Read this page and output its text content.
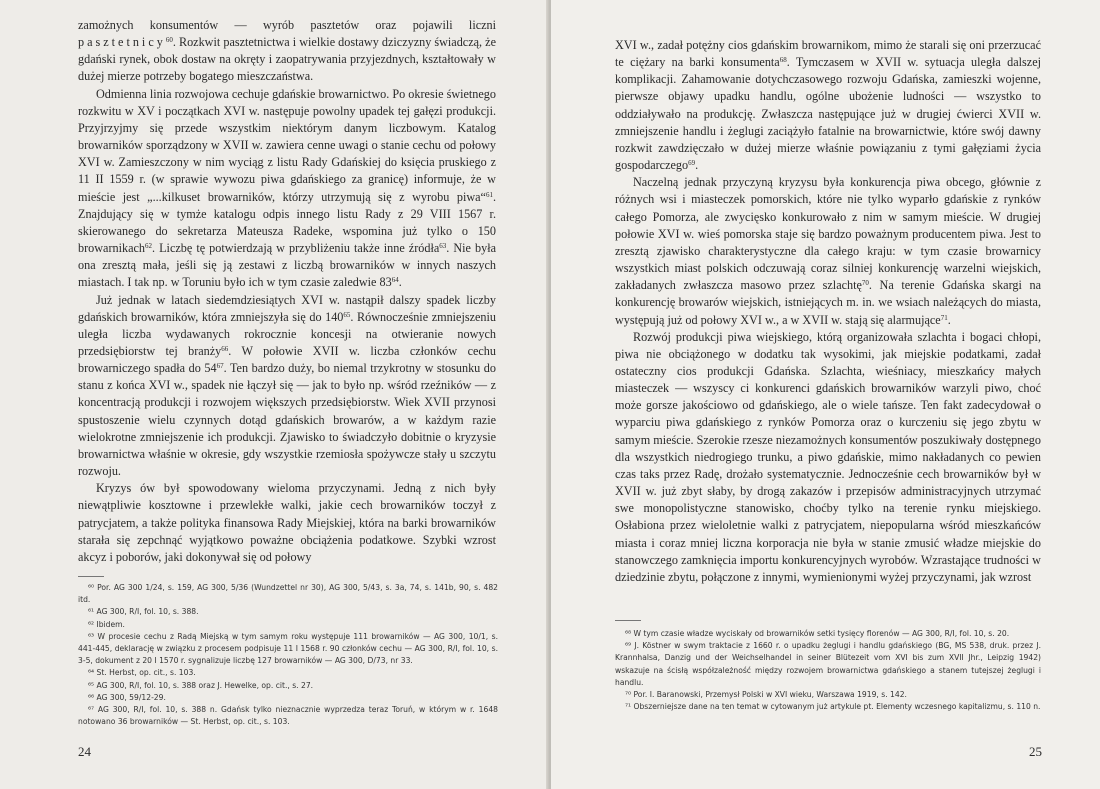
zamożnych konsumentów — wyrób pasztetów oraz pojawili liczni pasztetnicy$^{60}$. Rozkwit pasztetnictwa i wielkie dostawy dziczyzny świadczą, że gdański rynek, obok dostaw na okręty i zaopatrywania przyjezdnych, kształtowały w dużej mierze potrzeby bogatego mieszczaństwa.

Odmienna linia rozwojowa cechuje gdańskie browarnictwo. Po okresie świetnego rozkwitu w XV i początkach XVI w. następuje powolny upadek tej gałęzi produkcji. Przyjrzyjmy się przede wszystkim niektórym danym liczbowym. Katalog browarników sporządzony w XVII w. zawiera cenne uwagi o stanie cechu od połowy XVI w. Zamieszczony w nim wyciąg z listu Rady Gdańskiej do księcia pruskiego z 11 II 1559 r. (w sprawie wywozu piwa gdańskiego za granicę) informuje, że w mieście jest „...kilkuset browarników, którzy utrzymują się z wyrobu piwa“$^{61}$. Znajdujący się w tymże katalogu odpis innego listu Rady z 29 VIII 1567 r. skierowanego do sekretarza Mateusza Radeke, wspomina już tylko o 150 browarnikach$^{62}$. Liczbę tę potwierdzają w przybliżeniu także inne źródła$^{63}$. Nie była ona zresztą mała, jeśli się ją zestawi z liczbą browarników w innych naszych miastach. I tak np. w Toruniu było ich w tym czasie zaledwie $83^{64}$.

Już jednak w latach siedemdziesiątych XVI w. nastąpił dalszy spadek liczby gdańskich browarników, która zmniejszyła się do $140^{65}$. Równocześnie zmniejszeniu uległa liczba wydawanych rokrocznie koncesji na otwieranie nowych przedsiębiorstw tej branży$^{66}$. W połowie XVII w. liczba członków cechu browarniczego spadła do $54^{67}$. Ten bardzo duży, bo niemal trzykrotny w stosunku do stanu z końca XVI w., spadek nie łączył się — jak to było np. wśród rzeźników — z koncentracją produkcji i rozwojem większych przedsiębiorstw. Wiek XVII przynosi spustoszenie wielu czynnych dotąd gdańskich browarów, a w każdym razie wielokrotne zmniejszenie ich produkcji. Zjawisko to świadczyło dobitnie o kryzysie browarnictwa właśnie w okresie, gdy wszystkie rzemiosła spożywcze stały u szczytu rozwoju.

Kryzys ów był spowodowany wieloma przyczynami. Jedną z nich były niewątpliwie kosztowne i przewlekłe walki, jakie cech browarników toczył z patrycjatem, a także polityka finansowa Rady Miejskiej, która na barki browarników starała się zepchnąć wyjątkowo poważne obciążenia podatkowe. Szybki wzrost akcyz i poborów, jaki dokonywał się od połowy

⁶⁰ Por. AG 300 1/24, s. 159, AG 300, 5/36 (Wundzettel nr 30), AG 300, 5/43, s. 3a, 74, s. 141b, 90, s. 482 itd.
⁶¹ AG 300, R/I, fol. 10, s. 388.
⁶² Ibidem.
⁶³ W procesie cechu z Radą Miejską w tym samym roku występuje 111 browarników — AG 300, 10/1, s. 441-445, deklarację w związku z procesem podpisuje 11 I 1568 r. 90 członków cechu — AG 300, R/I, fol. 10, s. 3-5, dokument z 20 I 1570 r. sygnalizuje liczbę 127 browarników — AG 300, D/73, nr 33.
⁶⁴ St. Herbst, op. cit., s. 103.
⁶⁵ AG 300, R/I, fol. 10, s. 388 oraz J. Hewelke, op. cit., s. 27.
⁶⁶ AG 300, 59/12-29.
⁶⁷ AG 300, R/I, fol. 10, s. 388 n. Gdańsk tylko nieznacznie wyprzedza teraz Toruń, w którym w r. 1648 notowano 36 browarników — St. Herbst, op. cit., s. 103.
24

XVI w., zadał potężny cios gdańskim browarnikom, mimo że starali się oni przerzucać te ciężary na barki konsumenta$^{68}$. Tymczasem w XVII w. sytuacja uległa dalszej komplikacji. Zahamowanie dotychczasowego rozwoju Gdańska, zamieszki wojenne, pierwsze objawy upadku handlu, ogólne ubożenie ludności — wszystko to oddziaływało na produkcję. Zwłaszcza następujące już w drugiej ćwierci XVII w. zmniejszenie handlu i żeglugi zaciążyło fatalnie na browarnictwie, które swój dawny rozkwit zawdzięczało w dużej mierze właśnie powiązaniu z tymi gałęziami życia gospodarczego$^{69}$.

Naczelną jednak przyczyną kryzysu była konkurencja piwa obcego, głównie z różnych wsi i miasteczek pomorskich, które nie tylko wyparło gdańskie z rynków całego Pomorza, ale zwycięsko konkurowało z nim w samym mieście. W drugiej połowie XVI w. wieś pomorska staje się bardzo poważnym producentem piwa. Jest to zresztą zjawisko charakterystyczne dla całego kraju: w tym czasie browarnicy wszystkich miast polskich odczuwają coraz silniej konkurencję warzelni wiejskich, zakładanych zwłaszcza masowo przez szlachtę$^{70}$. Na terenie Gdańska skargi na konkurencję browarów wiejskich, istniejących m. in. we wsiach należących do miasta, występują już od połowy XVI w., a w XVII w. stają się alarmujące$^{71}$.

Rozwój produkcji piwa wiejskiego, którą organizowała szlachta i bogaci chłopi, piwa nie obciążonego w dodatku tak wysokimi, jak miejskie podatkami, zadał ostateczny cios produkcji Gdańska. Szlachta, wieśniacy, mieszkańcy małych miasteczek — wszyscy ci konkurenci gdańskich browarników warzyli piwo, choć może gorsze jakościowo od gdańskiego, ale o wiele tańsze. Ten fakt zadecydował o wyparciu piwa gdańskiego z rynków Pomorza oraz o kurczeniu się jego zbytu w samym mieście. Szerokie rzesze niezamożnych konsumentów poszukiwały dostępnego dla wszystkich niedrogiego trunku, a piwo gdańskie, mimo nakładanych co pewien czas taks przez Radę, drożało systematycznie. Jednocześnie cech browarników był w XVII w. już zbyt słaby, by drogą zakazów i przepisów administracyjnych utrzymać swe monopolistyczne stanowisko, choćby tylko na terenie rynku miejskiego. Osłabiona przez wieloletnie walki z patrycjatem, niepopularna wśród mieszkańców miasta i coraz mniej liczna korporacja nie była w stanie zmusić władze miejskie do stanowczego zamknięcia importu konkurencyjnych wyrobów. Wzrastające trudności w dziedzinie zbytu, połączone z innymi, wymienionymi wyżej przyczynami, jak wzrost

⁶⁸ W tym czasie władze wyciskały od browarników setki tysięcy florenów — AG 300, R/I, fol. 10, s. 20.
⁶⁹ J. Köstner w swym traktacie z 1660 r. o upadku żeglugi i handlu gdańskiego (BG, MS 538, druk. przez J. Krannhalsa, Danzig und der Weichselhandel in seiner Blütezeit vom XVI bis zum XVII Jhr., Leipzig 1942) wskazuje na ścisłą współzależność między rozwojem browarnictwa gdańskiego a stanem tutejszej żeglugi i handlu.
⁷⁰ Por. I. Baranowski, Przemysł Polski w XVI wieku, Warszawa 1919, s. 142.
⁷¹ Obszerniejsze dane na ten temat w cytowanym już artykule pt. Elementy wczesnego kapitalizmu, s. 110 n.
25
